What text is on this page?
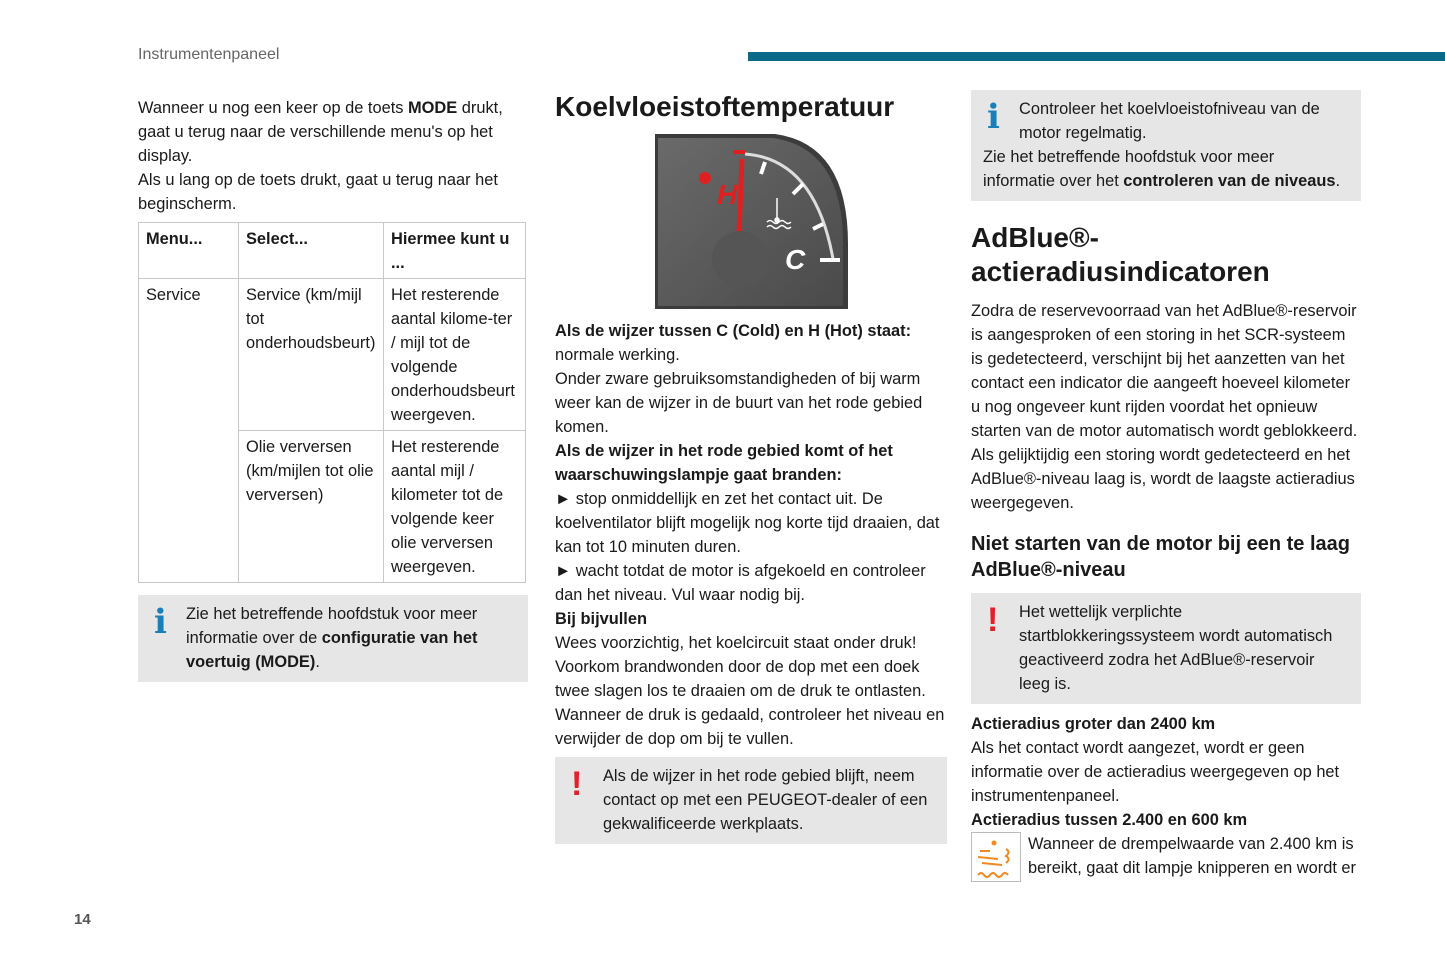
Instrumentenpaneel

Wanneer u nog een keer op de toets MODE drukt, gaat u terug naar de verschillende menu's op het display.

Als u lang op de toets drukt, gaat u terug naar het beginscherm.

Menu...	Select...	Hiermee kunt u ...
Service	Service (km/mijl tot onderhoudsbeurt)	Het resterende aantal kilome-ter / mijl tot de volgende onderhoudsbeurt weergeven.
	Olie verversen (km/mijlen tot olie verversen)	Het resterende aantal mijl / kilometer tot de volgende keer olie verversen weergeven.
i	Zie het betreffende hoofdstuk voor meer informatie over de configuratie van het voertuig (MODE).

Koelvloeistoftemperatuur
H
C

Als de wijzer tussen C (Cold) en H (Hot) staat: normale werking.

Onder zware gebruiksomstandigheden of bij warm weer kan de wijzer in de buurt van het rode gebied komen.

Als de wijzer in het rode gebied komt of het waarschuwingslampje gaat branden:

► stop onmiddellijk en zet het contact uit. De koelventilator blijft mogelijk nog korte tijd draaien, dat kan tot 10 minuten duren.

► wacht totdat de motor is afgekoeld en controleer dan het niveau. Vul waar nodig bij.

Bij bijvullen

Wees voorzichtig, het koelcircuit staat onder druk! Voorkom brandwonden door de dop met een doek twee slagen los te draaien om de druk te ontlasten. Wanneer de druk is gedaald, controleer het niveau en verwijder de dop om bij te vullen.

!	Als de wijzer in het rode gebied blijft, neem contact op met een PEUGEOT-dealer of een gekwalificeerde werkplaats.

i	Controleer het koelvloeistofniveau van de motor regelmatig.

Zie het betreffende hoofdstuk voor meer informatie over het controleren van de niveaus.

AdBlue®-actieradiusindicatoren

Zodra de reservevoorraad van het AdBlue®-reservoir is aangesproken of een storing in het SCR-systeem is gedetecteerd, verschijnt bij het aanzetten van het contact een indicator die aangeeft hoeveel kilometer u nog ongeveer kunt rijden voordat het opnieuw starten van de motor automatisch wordt geblokkeerd.

Als gelijktijdig een storing wordt gedetecteerd en het AdBlue®-niveau laag is, wordt de laagste actieradius weergegeven.

Niet starten van de motor bij een te laag AdBlue®-niveau
!	Het wettelijk verplichte startblokkeringssysteem wordt automatisch geactiveerd zodra het AdBlue®-reservoir leeg is.

Actieradius groter dan 2400 km

Als het contact wordt aangezet, wordt er geen informatie over de actieradius weergegeven op het instrumentenpaneel.

Actieradius tussen 2.400 en 600 km

Wanneer de drempelwaarde van 2.400 km is bereikt, gaat dit lampje knipperen en wordt er

14
